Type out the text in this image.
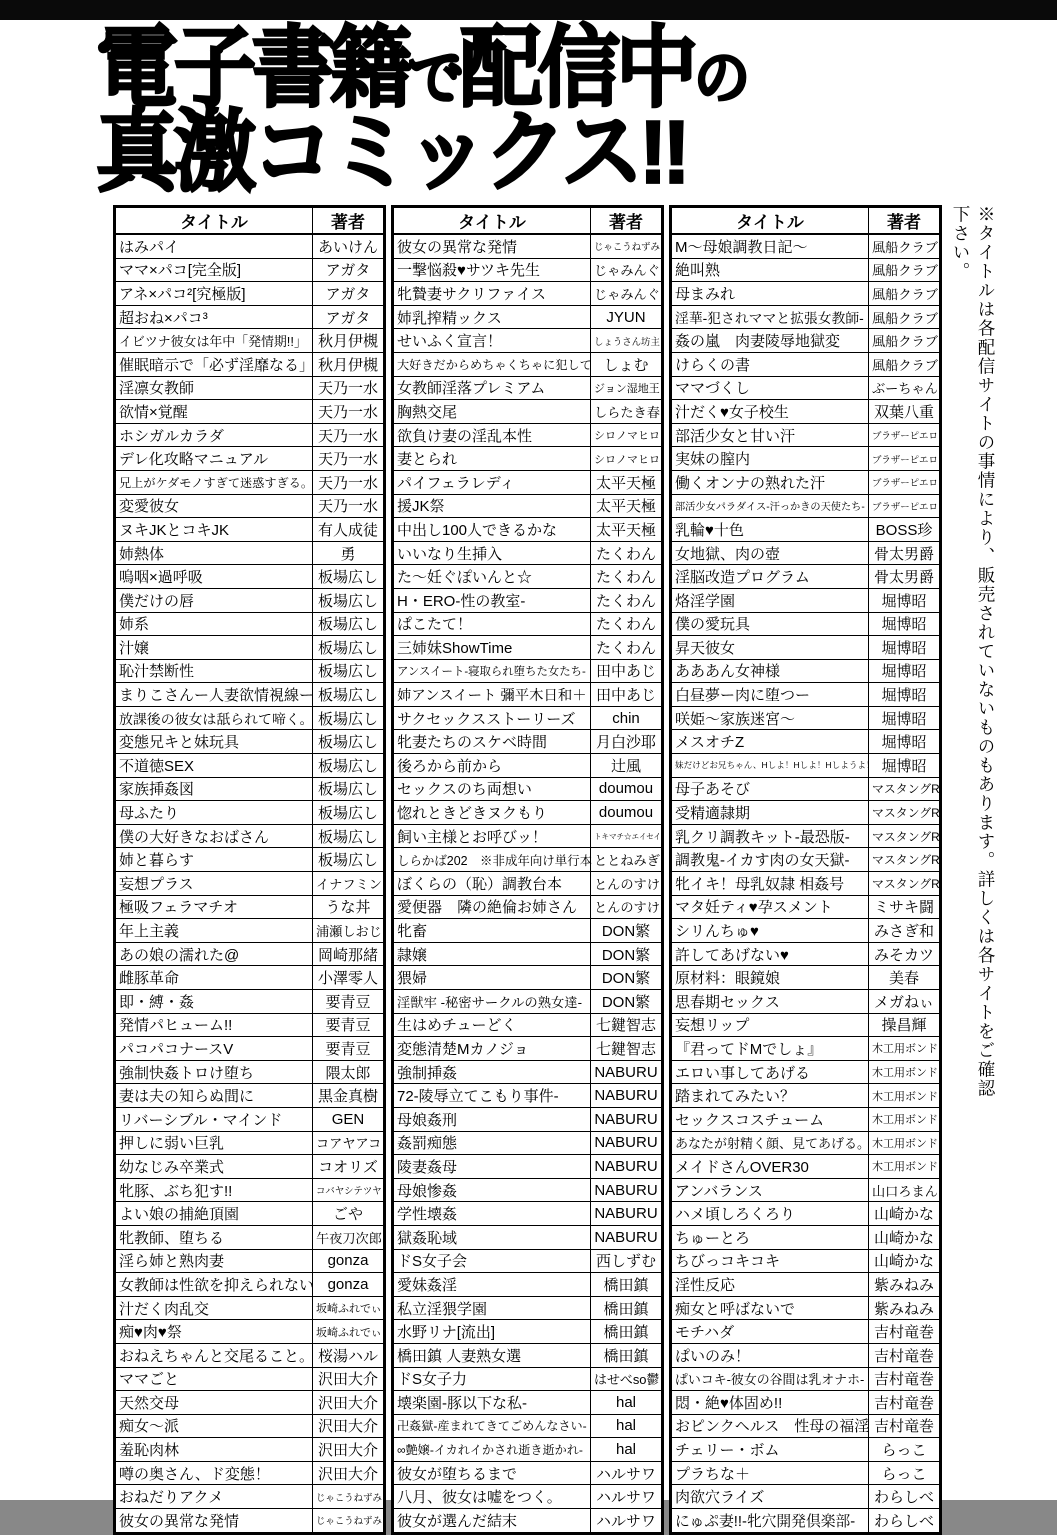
電子書籍で配信中の
真激コミックス!!
タイトル	著者
はみパイ	あいけん
ママ×パコ[完全版]	アガタ
アネ×パコ²[究極版]	アガタ
超おね×パコ³	アガタ
イビツナ彼女は年中「発情期!!」	秋月伊槻
催眠暗示で「必ず淫靡なる」	秋月伊槻
淫凛女教師	天乃一水
欲情×覚醒	天乃一水
ホシガルカラダ	天乃一水
デレ化攻略マニュアル	天乃一水
兄上がケダモノすぎて迷惑すぎる。	天乃一水
変愛彼女	天乃一水
ヌキJKとコキJK	有人成徒
姉熱体	勇
嗚咽×過呼吸	板場広し
僕だけの唇	板場広し
姉系	板場広し
汁嬢	板場広し
恥汁禁断性	板場広し
まりこさんー人妻欲情視線ー	板場広し
放課後の彼女は舐られて啼く。	板場広し
変態兄キと妹玩具	板場広し
不道徳SEX	板場広し
家族挿姦図	板場広し
母ふたり	板場広し
僕の大好きなおばさん	板場広し
姉と暮らす	板場広し
妄想プラス	イナフミン
極吸フェラマチオ	うな丼
年上主義	浦瀬しおじ
あの娘の濡れた@	岡崎那緒
雌豚革命	小澤零人
即・縛・姦	要青豆
発情パヒューム!!	要青豆
パコパコナースV	要青豆
強制快姦トロけ堕ち	隈太郎
妻は夫の知らぬ間に	黒金真樹
リバーシブル・マインド	GEN
押しに弱い巨乳	コアヤアコ
幼なじみ卒業式	コオリズ
牝豚、ぶち犯す!!	コバヤシテツヤ
よい娘の捕絶頂園	ごや
牝教師、堕ちる	午夜刀次郎
淫ら姉と熟肉妻	gonza
女教師は性欲を抑えられない	gonza
汁だく肉乱交	坂崎ふれでぃ
痴♥肉♥祭	坂崎ふれでぃ
おねえちゃんと交尾ること。	桜湯ハル
ママごと	沢田大介
天然交母	沢田大介
痴女～派	沢田大介
羞恥肉林	沢田大介
噂の奥さん、ド変態！	沢田大介
おねだりアクメ	じゃこうねずみ
彼女の異常な発情	じゃこうねずみ
タイトル	著者
彼女の異常な発情	じゃこうねずみ
一撃悩殺♥サツキ先生	じゃみんぐ
牝贄妻サクリファイス	じゃみんぐ
姉乳搾精ックス	JYUN
せいふく宣言！	しょうさん坊主
大好きだからめちゃくちゃに犯して	しょむ
女教師淫落プレミアム	ジョン湿地王
胸熱交尾	しらたき春
欲負け妻の淫乱本性	シロノマヒロ
妻とられ	シロノマヒロ
パイフェラレディ	太平天極
援JK祭	太平天極
中出し100人できるかな	太平天極
いいなり生挿入	たくわん
た～妊ぐぽいんと☆	たくわん
H・ERO-性の教室-	たくわん
ぱこたて！	たくわん
三姉妹ShowTime	たくわん
アンスイート-寝取られ堕ちた女たち-	田中あじ
姉アンスイート 彌平木日和＋	田中あじ
サクセックスストーリーズ	chin
牝妻たちのスケベ時間	月白沙耶
後ろから前から	辻風
セックスのち両想い	doumou
惚れときどきヌクもり	doumou
飼い主様とお呼びッ！	トキマチ☆エイセイ
しらかば202　※非成年向け単行本	ととねみぎ
ぼくらの（恥）調教台本	とんのすけ
愛便器　隣の絶倫お姉さん	とんのすけ
牝畜	DON繁
隷嬢	DON繁
猥婦	DON繁
淫獣牢 -秘密サークルの熟女達-	DON繁
生はめチューどく	七鍵智志
変態清楚Mカノジョ	七鍵智志
強制挿姦	NABURU
72-陵辱立てこもり事件-	NABURU
母娘姦刑	NABURU
姦罰痴態	NABURU
陵妻姦母	NABURU
母娘惨姦	NABURU
学性壊姦	NABURU
獄姦恥域	NABURU
ドS女子会	西しずむ
愛妹姦淫	橋田鎮
私立淫猥学園	橋田鎮
水野リナ[流出]	橋田鎮
橋田鎮 人妻熟女選	橋田鎮
ドS女子力	はせべso鬱
壊楽園-豚以下な私-	hal
卍姦獄-産まれてきてごめんなさい-	hal
∞艶嬢-イカれイかされ逝き逝かれ-	hal
彼女が堕ちるまで	ハルサワ
八月、彼女は嘘をつく。	ハルサワ
彼女が選んだ結末	ハルサワ
タイトル	著者
M～母娘調教日記～	風船クラブ
絶叫熟	風船クラブ
母まみれ	風船クラブ
淫華-犯されママと拡張女教師-	風船クラブ
姦の嵐　肉妻陵辱地獄変	風船クラブ
けらくの書	風船クラブ
ママづくし	ぶーちゃん
汁だく♥女子校生	双葉八重
部活少女と甘い汗	ブラザーピエロ
実妹の膣内	ブラザーピエロ
働くオンナの熟れた汗	ブラザーピエロ
部活少女パラダイス-汗っかきの天使たち-	ブラザーピエロ
乳輪♥十色	BOSS珍
女地獄、肉の壺	骨太男爵
淫脳改造プログラム	骨太男爵
烙淫学園	堀博昭
僕の愛玩具	堀博昭
昇天彼女	堀博昭
あああん女神様	堀博昭
白昼夢ー肉に堕つー	堀博昭
咲姫～家族迷宮～	堀博昭
メスオチZ	堀博昭
妹だけどお兄ちゃん、Hしよ！Hしよ！Hしようよ！	堀博昭
母子あそび	マスタングR
受精適隷期	マスタングR
乳クリ調教キット-最恐版-	マスタングR
調教鬼-イカす肉の女天獄-	マスタングR
牝イキ！母乳奴隷 相姦号	マスタングR
マタ妊ティ♥孕スメント	ミサキ闘
シリんちゅ♥	みさぎ和
許してあげない♥	みそカツ
原材料：眼鏡娘	美春
思春期セックス	メガねぃ
妄想リップ	操昌輝
『君ってドMでしょ』	木工用ボンド
エロい事してあげる	木工用ボンド
踏まれてみたい？	木工用ボンド
セックスコスチューム	木工用ボンド
あなたが射精く顔、見てあげる。	木工用ボンド
メイドさんOVER30	木工用ボンド
アンバランス	山口ろまん
ハメ頃しろくろり	山崎かな
ちゅーとろ	山崎かな
ちびっコキコキ	山崎かな
淫性反応	紫みねみ
痴女と呼ばないで	紫みねみ
モチハダ	吉村竜巻
ぱいのみ！	吉村竜巻
ぱいコキ-彼女の谷間は乳オナホ-	吉村竜巻
悶・絶♥体固め!!	吉村竜巻
おピンクヘルス　性母の福淫	吉村竜巻
チェリー・ボム	らっこ
プラちな＋	らっこ
肉欲穴ライズ	わらしべ
にゅぷ妻!!-牝穴開発倶楽部-	わらしべ
※タイトルは各配信サイトの事情により、販売されていないものもあります。詳しくは各サイトをご確認下さい。
